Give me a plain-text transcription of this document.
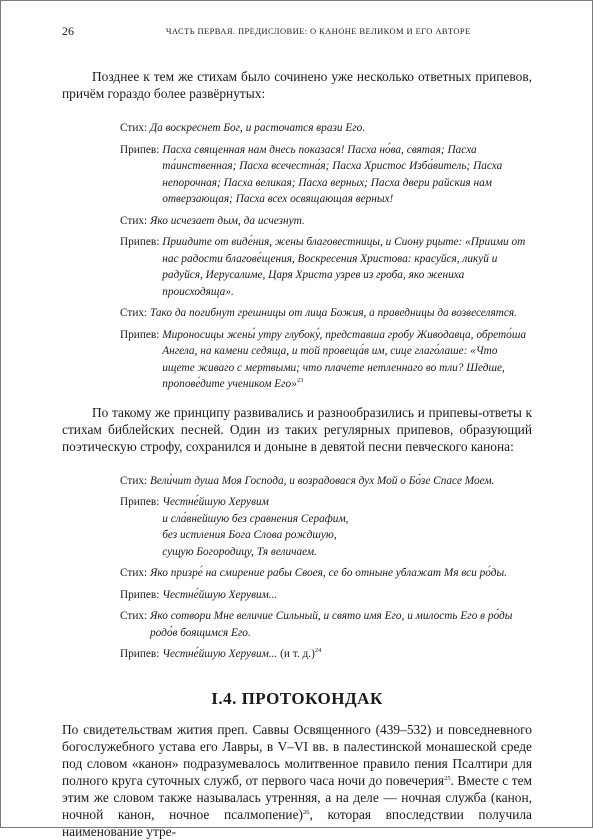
26	ЧАСТЬ ПЕРВАЯ. ПРЕДИСЛОВИЕ: О КАНОНЕ ВЕЛИКОМ И ЕГО АВТОРЕ

Позднее к тем же стихам было сочинено уже несколько ответных припевов, причём гораздо более развёрнутых:

Стих: Да воскреснет Бог, и расточатся врази Его.
Припев: Пасха священная нам днесь показася! Пасха но́ва, святая; Пасха та́инственная; Пасха всечестна́я; Пасха Христос Изба́витель; Пасха непорочная; Пасха великая; Пасха верных; Пасха двери райския нам отверзающая; Пасха всех освящающая верных!
Стих: Яко исчезает дым, да исчезнут.
Припев: Приидите от виде́ния, жены благовестницы, и Сиону рцыте: «Приими от нас радости благове́щения, Воскресения Христова: красуйся, ликуй и радуйся, Иерусалиме, Царя Христа узрев из гроба, яко жениха происходяща».
Стих: Тако да погибнут грешницы от лица Божия, а праведницы да возвеселятся.
Припев: Мироносицы жены́ утру глубоку́, представша гробу Живодавца, обрето́ша Ангела, на камени седяща, и той провеща́в им, сице глаго́лаше: «Что ищете живаго с мертвыми; что плачете нетленнаго во тли? Шедше, пропове́дите учеником Его»$^{23}$

По такому же принципу развивались и разнообразились и припевы-ответы к стихам библейских песней. Один из таких регулярных припевов, образующий поэтическую строфу, сохранился и доныне в девятой песни певческого канона:

Стих: Вели́чит душа Моя Господа, и возрадовася дух Мой о Бо́зе Спасе Моем.
Припев: Честне́йшую Херувим
и сла́внейшую без сравнения Серафим,
без истления Бога Слова рождшую,
сущую Богородицу, Тя величаем.
Стих: Яко призре́ на смирение рабы Своея, се бо отныне ублажат Мя вси ро́ды.
Припев: Честне́йшую Херувим...
Стих: Яко сотвори Мне величие Сильный, и свято имя Его, и милость Его в ро́ды родо́в боящимся Его.
Припев: Честне́йшую Херувим... (и т. д.)$^{24}$
I.4. ПРОТОКОНДАК

По свидетельствам жития преп. Саввы Освященного (439–532) и повседневного богослужебного устава его Лавры, в V–VI вв. в палестинской монашеской среде под словом «канон» подразумевалось молитвенное правило пения Псалтири для полного круга суточных служб, от первого часа ночи до повечерия$^{25}$. Вместе с тем этим же словом также называлась утренняя, а на деле — ночная служба (канон, ночной канон, ночное псалмопение)$^{26}$, которая впоследствии получила наименование утре-
